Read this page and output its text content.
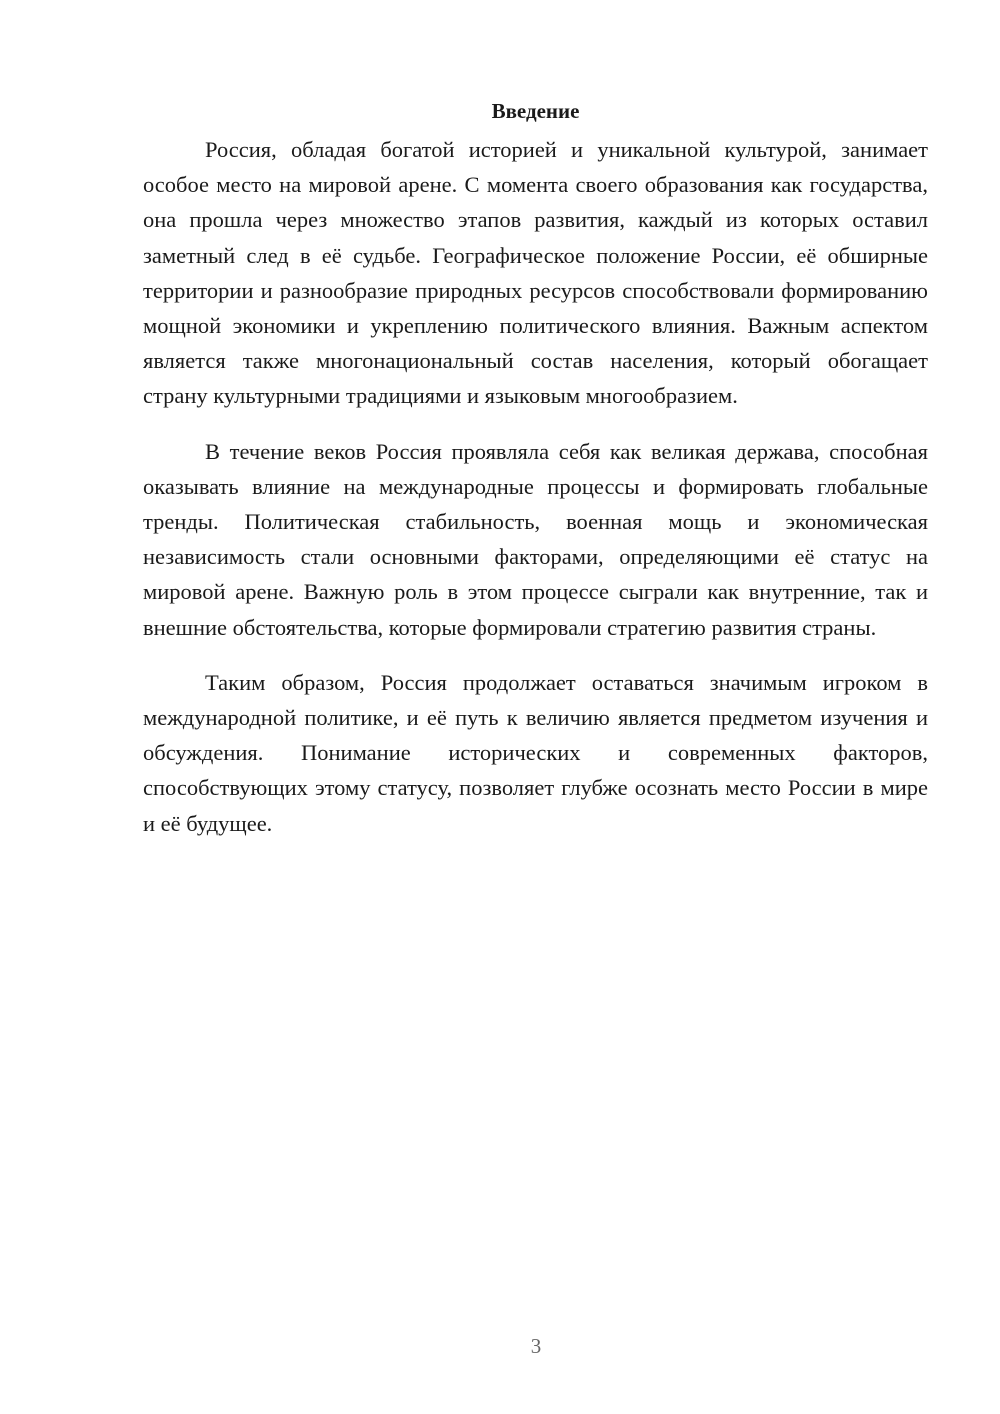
Введение

Россия, обладая богатой историей и уникальной культурой, занимает особое место на мировой арене. С момента своего образования как государства, она прошла через множество этапов развития, каждый из которых оставил заметный след в её судьбе. Географическое положение России, её обширные территории и разнообразие природных ресурсов способствовали формированию мощной экономики и укреплению политического влияния. Важным аспектом является также многонациональный состав населения, который обогащает страну культурными традициями и языковым многообразием.

В течение веков Россия проявляла себя как великая держава, способная оказывать влияние на международные процессы и формировать глобальные тренды. Политическая стабильность, военная мощь и экономическая независимость стали основными факторами, определяющими её статус на мировой арене. Важную роль в этом процессе сыграли как внутренние, так и внешние обстоятельства, которые формировали стратегию развития страны.

Таким образом, Россия продолжает оставаться значимым игроком в международной политике, и её путь к величию является предметом изучения и обсуждения. Понимание исторических и современных факторов, способствующих этому статусу, позволяет глубже осознать место России в мире и её будущее.

3
